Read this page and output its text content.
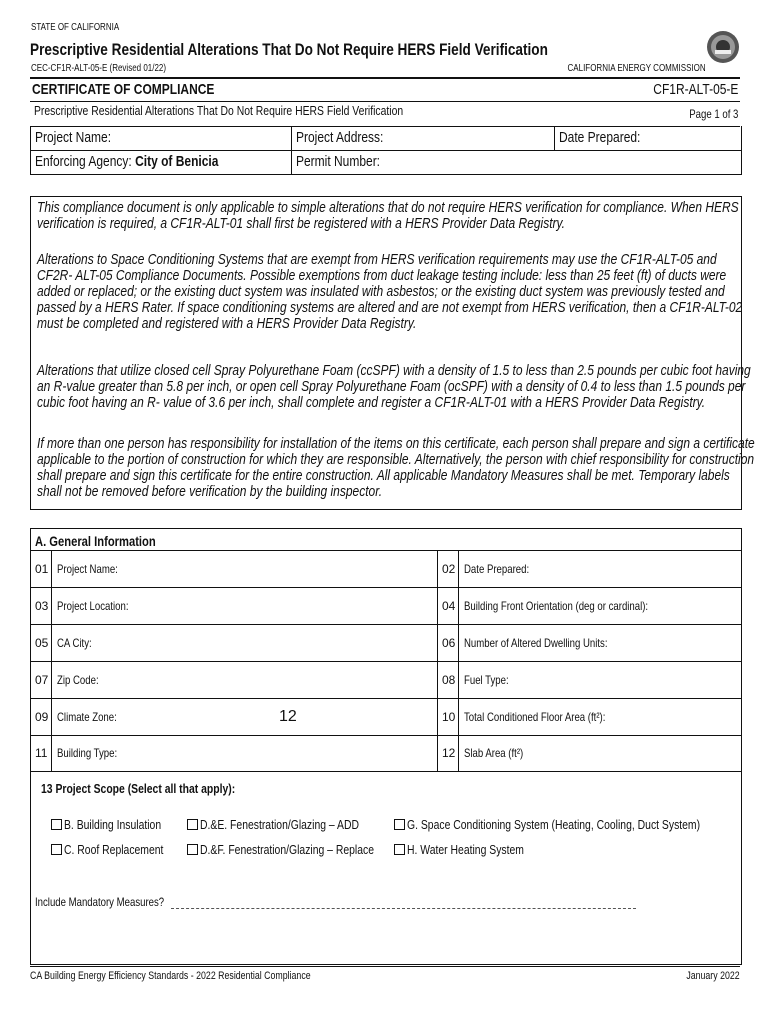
STATE OF CALIFORNIA
Prescriptive Residential Alterations That Do Not Require HERS Field Verification
CEC-CF1R-ALT-05-E (Revised 01/22)	CALIFORNIA ENERGY COMMISSION
CERTIFICATE OF COMPLIANCE	CF1R-ALT-05-E
Prescriptive Residential Alterations That Do Not Require HERS Field Verification	Page 1 of 3
Project Name:	Project Address:	Date Prepared:
Enforcing Agency: City of Benicia	Permit Number:

This compliance document is only applicable to simple alterations that do not require HERS verification for compliance. When HERS
verification is required, a CF1R-ALT-01 shall first be registered with a HERS Provider Data Registry.

Alterations to Space Conditioning Systems that are exempt from HERS verification requirements may use the CF1R-ALT-05 and
CF2R- ALT-05 Compliance Documents. Possible exemptions from duct leakage testing include: less than 25 feet (ft) of ducts were
added or replaced; or the existing duct system was insulated with asbestos; or the existing duct system was previously tested and
passed by a HERS Rater. If space conditioning systems are altered and are not exempt from HERS verification, then a CF1R-ALT-02
must be completed and registered with a HERS Provider Data Registry.

Alterations that utilize closed cell Spray Polyurethane Foam (ccSPF) with a density of 1.5 to less than 2.5 pounds per cubic foot having
an R-value greater than 5.8 per inch, or open cell Spray Polyurethane Foam (ocSPF) with a density of 0.4 to less than 1.5 pounds per
cubic foot having an R- value of 3.6 per inch, shall complete and register a CF1R-ALT-01 with a HERS Provider Data Registry.

If more than one person has responsibility for installation of the items on this certificate, each person shall prepare and sign a certificate
applicable to the portion of construction for which they are responsible. Alternatively, the person with chief responsibility for construction
shall prepare and sign this certificate for the entire construction. All applicable Mandatory Measures shall be met. Temporary labels
shall not be removed before verification by the building inspector.

A. General Information
01 Project Name:	02 Date Prepared:
03 Project Location:	04 Building Front Orientation (deg or cardinal):
05 CA City:	06 Number of Altered Dwelling Units:
07 Zip Code:	08 Fuel Type:
09 Climate Zone:	12	10 Total Conditioned Floor Area (ft²):
11 Building Type:	12 Slab Area (ft²)
13 Project Scope (Select all that apply):
B. Building Insulation
C. Roof Replacement
D.&E. Fenestration/Glazing – ADD
D.&F. Fenestration/Glazing – Replace
G. Space Conditioning System (Heating, Cooling, Duct System)
H. Water Heating System
Include Mandatory Measures?
CA Building Energy Efficiency Standards - 2022 Residential Compliance	January 2022
